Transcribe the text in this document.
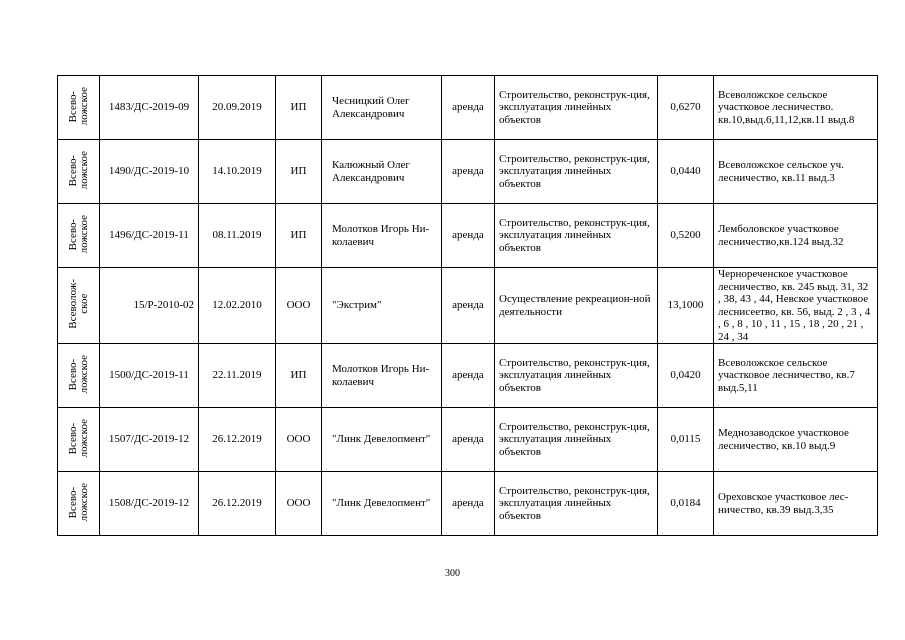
Всево-
ложское	1483/ДС-2019-09	20.09.2019	ИП	Чесницкий Олег Александрович	аренда	Строительство, реконструк-ция, эксплуатация линейных объектов	0,6270	Всеволожское сельское участковое лесничество. кв.10,выд.6,11,12,кв.11 выд.8
Всево-
ложское	1490/ДС-2019-10	14.10.2019	ИП	Калюжный Олег Александрович	аренда	Строительство, реконструк-ция, эксплуатация линейных объектов	0,0440	Всеволожское сельское уч. лесничество, кв.11 выд.3
Всево-
ложское	1496/ДС-2019-11	08.11.2019	ИП	Молотков Игорь Ни-колаевич	аренда	Строительство, реконструк-ция, эксплуатация линейных объектов	0,5200	Лемболовское участковое лесничество,кв.124 выд.32
Всеволож-
ское	15/Р-2010-02	12.02.2010	ООО	"Экстрим"	аренда	Осуществление рекреацион-ной деятельности	13,1000	Чернореченское участковое лесничество, кв. 245 выд. 31, 32 , 38, 43 , 44, Невское участковое леснисеетво, кв. 56, выд. 2 , 3 , 4 , 6 , 8 , 10 , 11 , 15 , 18 , 20 , 21 , 24 , 34
Всево-
ложское	1500/ДС-2019-11	22.11.2019	ИП	Молотков Игорь Ни-колаевич	аренда	Строительство, реконструк-ция, эксплуатация линейных объектов	0,0420	Всеволожское сельское участковое лесничество, кв.7 выд.5,11
Всево-
ложское	1507/ДС-2019-12	26.12.2019	ООО	"Линк Девелопмент"	аренда	Строительство, реконструк-ция, эксплуатация линейных объектов	0,0115	Меднозаводское участковое лесничество, кв.10 выд.9
Всево-
ложское	1508/ДС-2019-12	26.12.2019	ООО	"Линк Девелопмент"	аренда	Строительство, реконструк-ция, эксплуатация линейных объектов	0,0184	Ореховское участковое лес-ничество, кв.39 выд.3,35
300
